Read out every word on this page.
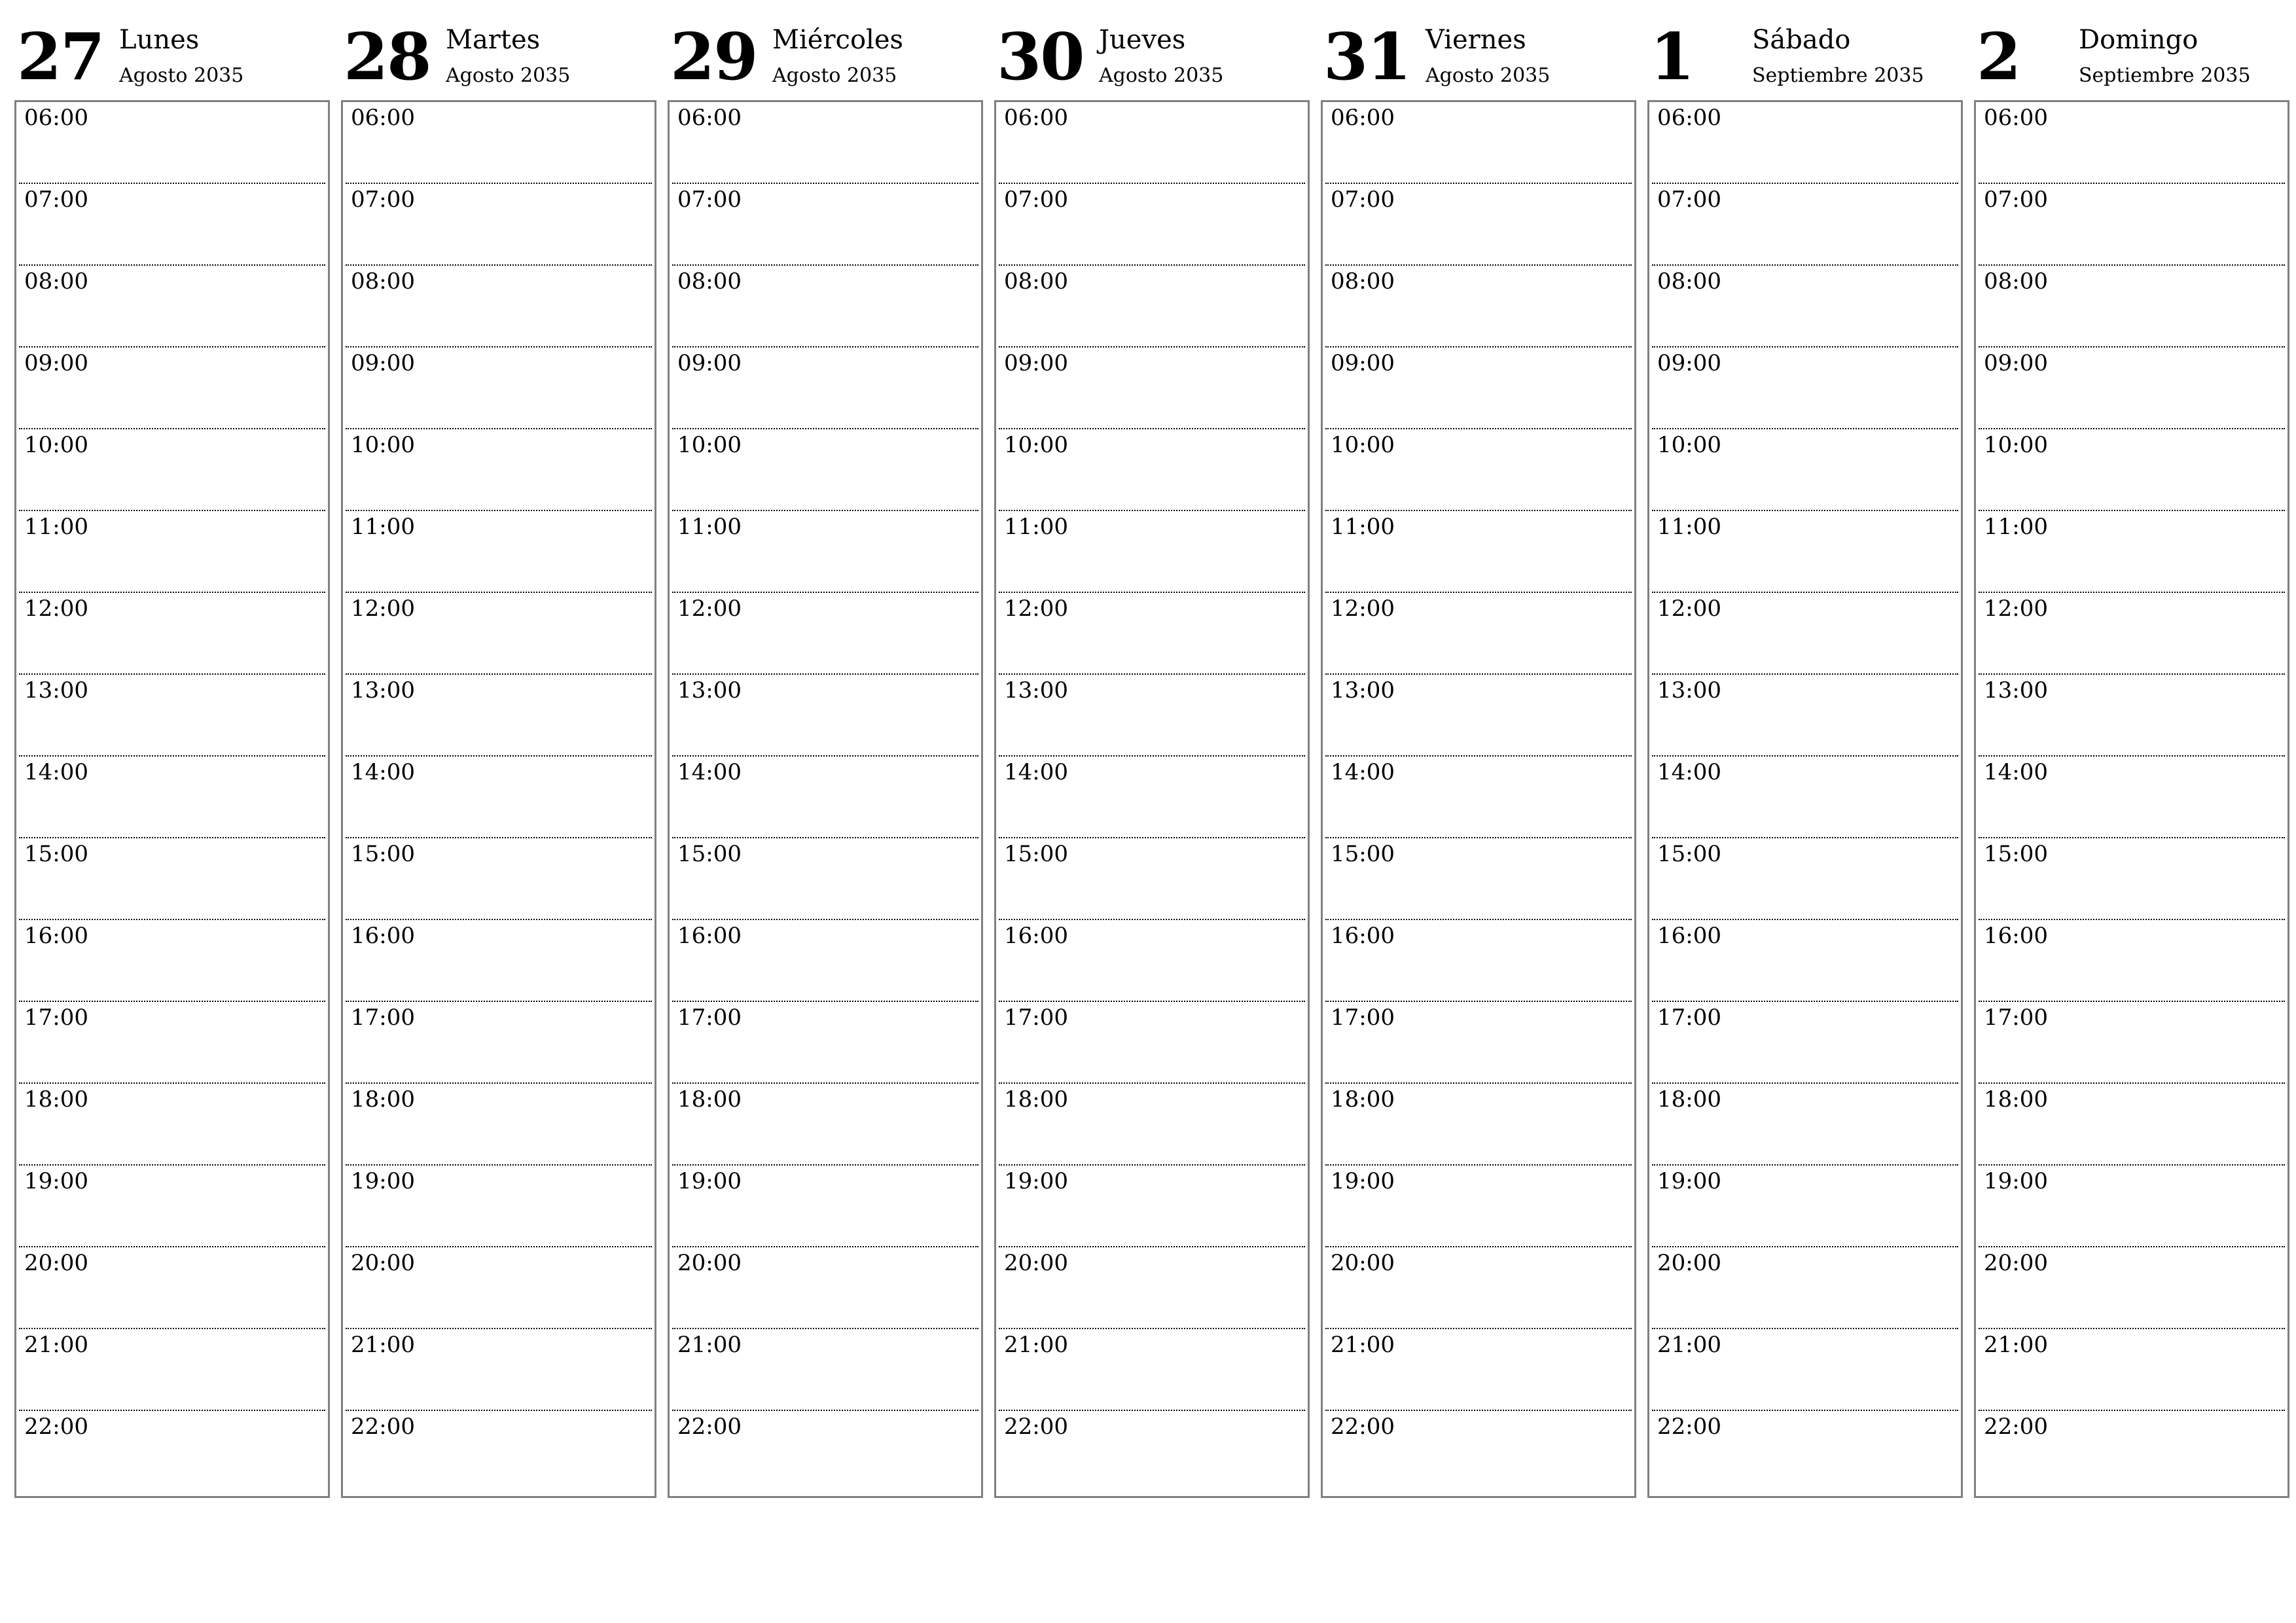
27 Lunes
Agosto 2035
06:00
07:00
08:00
09:00
10:00
11:00
12:00
13:00
14:00
15:00
16:00
17:00
18:00
19:00
20:00
21:00
22:00
28 Martes
Agosto 2035
06:00
07:00
08:00
09:00
10:00
11:00
12:00
13:00
14:00
15:00
16:00
17:00
18:00
19:00
20:00
21:00
22:00
29 Miércoles
Agosto 2035
06:00
07:00
08:00
09:00
10:00
11:00
12:00
13:00
14:00
15:00
16:00
17:00
18:00
19:00
20:00
21:00
22:00
30 Jueves
Agosto 2035
06:00
07:00
08:00
09:00
10:00
11:00
12:00
13:00
14:00
15:00
16:00
17:00
18:00
19:00
20:00
21:00
22:00
31 Viernes
Agosto 2035
06:00
07:00
08:00
09:00
10:00
11:00
12:00
13:00
14:00
15:00
16:00
17:00
18:00
19:00
20:00
21:00
22:00
1 Sábado
Septiembre 2035
06:00
07:00
08:00
09:00
10:00
11:00
12:00
13:00
14:00
15:00
16:00
17:00
18:00
19:00
20:00
21:00
22:00
2 Domingo
Septiembre 2035
06:00
07:00
08:00
09:00
10:00
11:00
12:00
13:00
14:00
15:00
16:00
17:00
18:00
19:00
20:00
21:00
22:00
